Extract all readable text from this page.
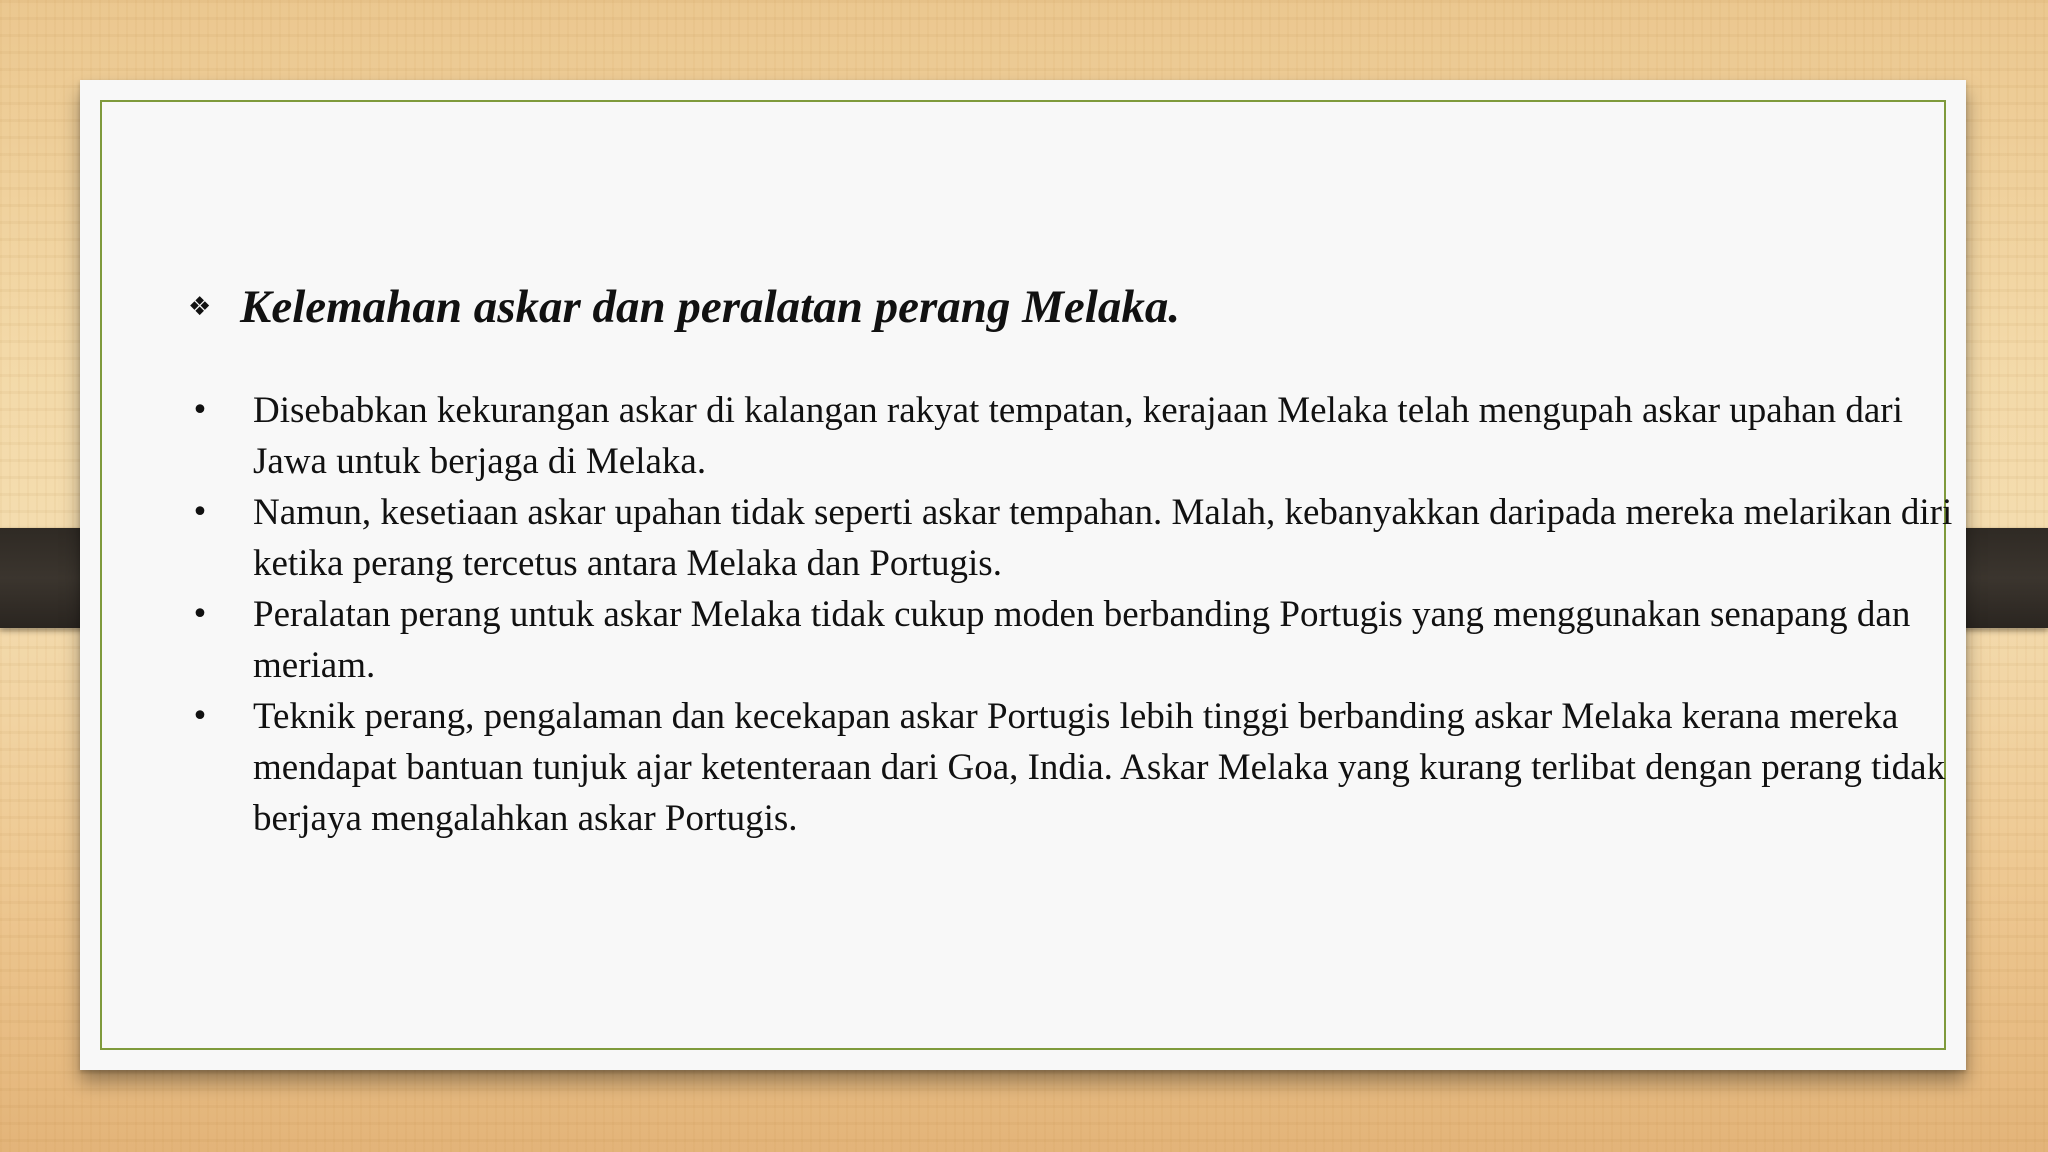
❖ Kelemahan askar dan peralatan perang Melaka.
•	Disebabkan kekurangan askar di kalangan rakyat tempatan, kerajaan Melaka telah mengupah askar upahan dari Jawa untuk berjaga di Melaka.
•	Namun, kesetiaan askar upahan tidak seperti askar tempahan. Malah, kebanyakkan daripada mereka melarikan diri ketika perang tercetus antara Melaka dan Portugis.
•	Peralatan perang untuk askar Melaka tidak cukup moden berbanding Portugis yang menggunakan senapang dan meriam.
•	Teknik perang, pengalaman dan kecekapan askar Portugis lebih tinggi berbanding askar Melaka kerana mereka mendapat bantuan tunjuk ajar ketenteraan dari Goa, India. Askar Melaka yang kurang terlibat dengan perang tidak berjaya mengalahkan askar Portugis.
